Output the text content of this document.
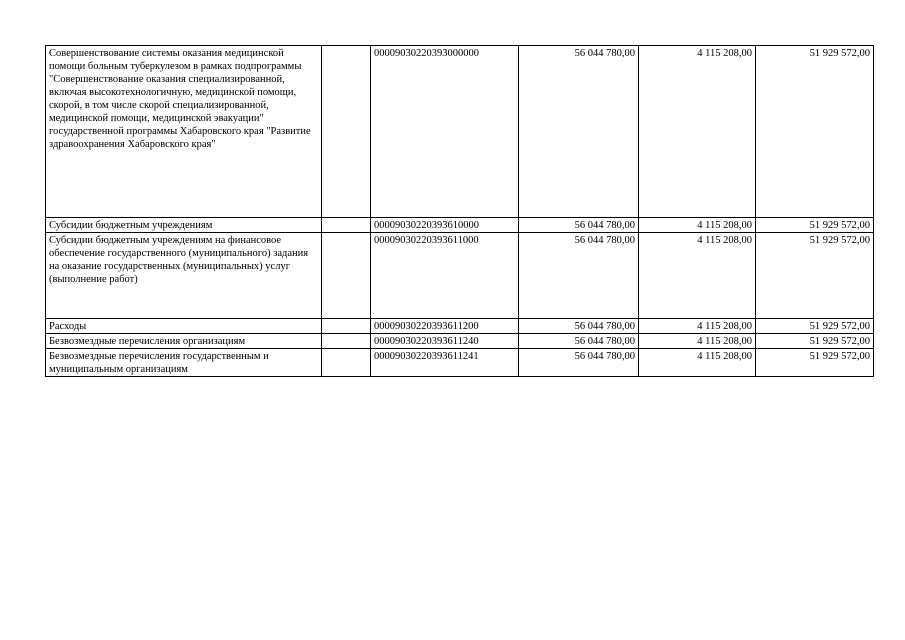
Совершенствование системы оказания медицинской помощи больным туберкулезом в рамках подпрограммы "Совершенствование оказания специализированной, включая высокотехнологичную, медицинской помощи, скорой, в том числе скорой специализированной, медицинской помощи, медицинской эвакуации" государственной программы Хабаровского края "Развитие здравоохранения Хабаровского края"		00009030220393000000	56 044 780,00	4 115 208,00	51 929 572,00
Субсидии бюджетным учреждениям		00009030220393610000	56 044 780,00	4 115 208,00	51 929 572,00
Субсидии бюджетным учреждениям на финансовое обеспечение государственного (муниципального) задания на оказание государственных (муниципальных) услуг (выполнение работ)		00009030220393611000	56 044 780,00	4 115 208,00	51 929 572,00
Расходы		00009030220393611200	56 044 780,00	4 115 208,00	51 929 572,00
Безвозмездные перечисления организациям		00009030220393611240	56 044 780,00	4 115 208,00	51 929 572,00
Безвозмездные перечисления государственным и муниципальным организациям		00009030220393611241	56 044 780,00	4 115 208,00	51 929 572,00
